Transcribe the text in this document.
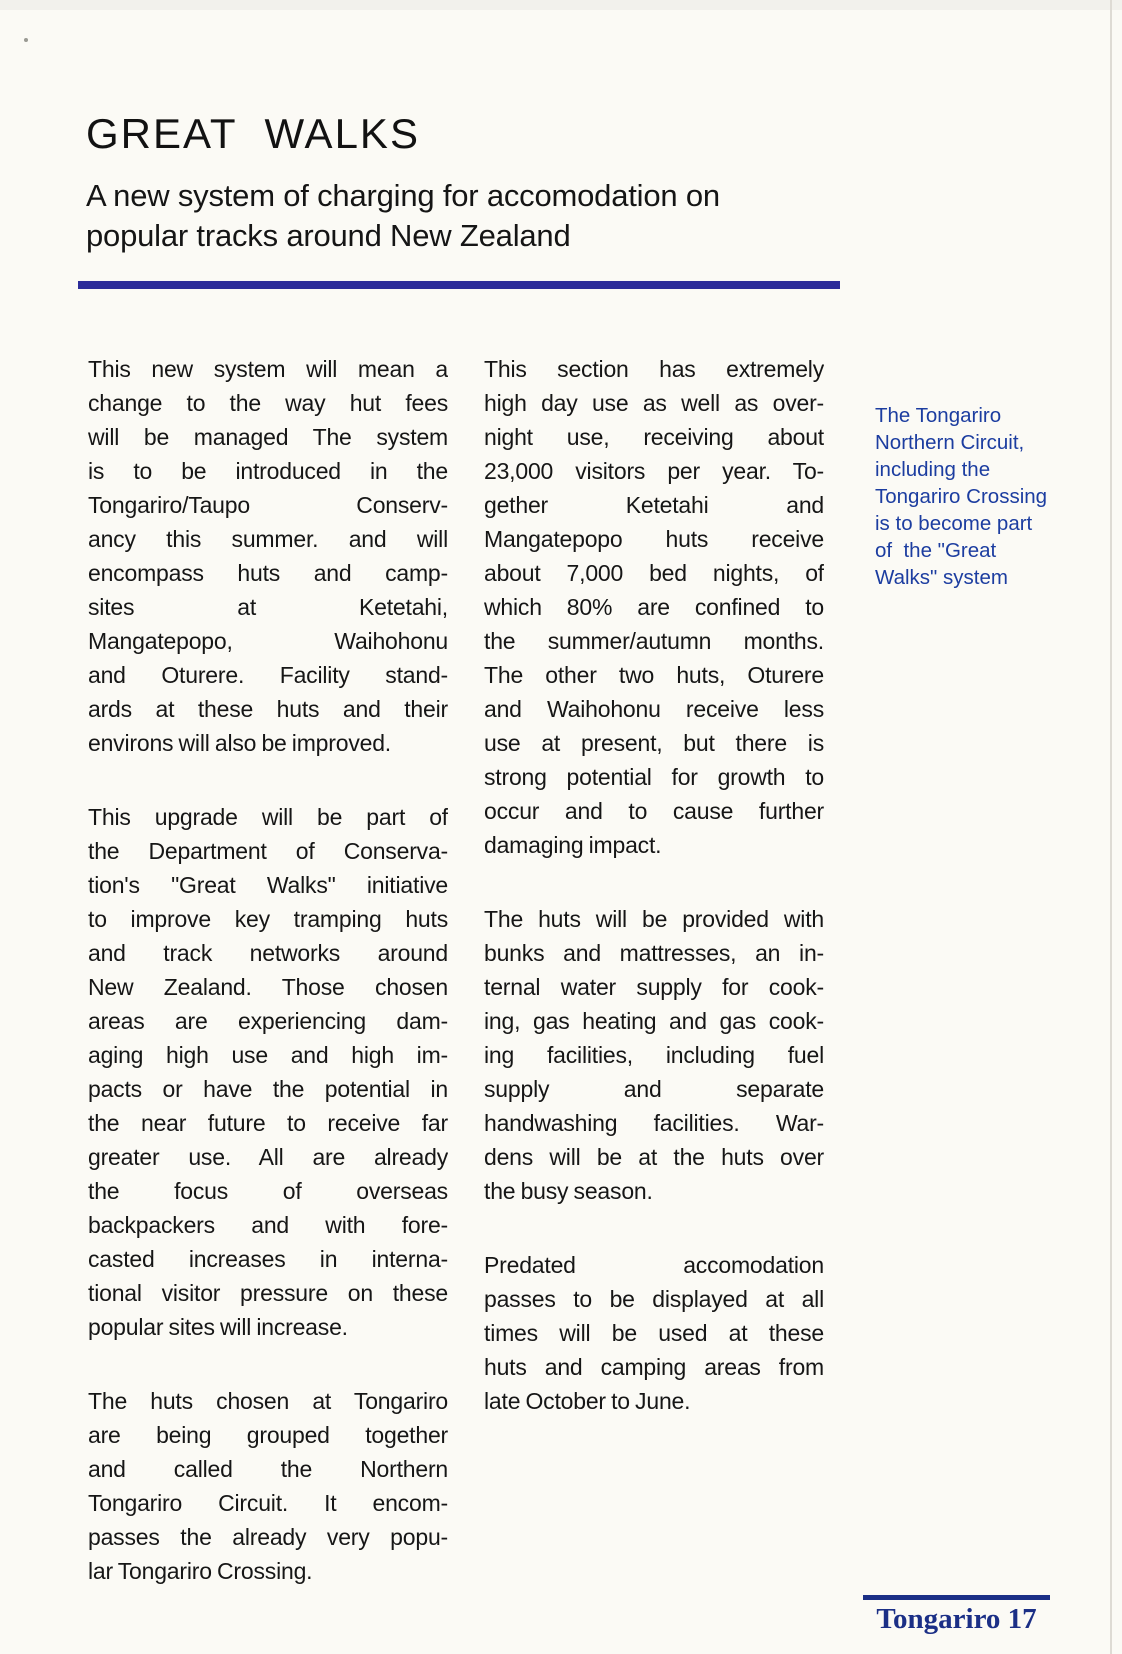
GREAT WALKS
A new system of charging for accomodation on
popular tracks around New Zealand
This new system will mean a
change to the way hut fees
will be managed The system
is to be introduced in the
Tongariro/Taupo Conserv-
ancy this summer. and will
encompass huts and camp-
sites at Ketetahi,
Mangatepopo, Waihohonu
and Oturere. Facility stand-
ards at these huts and their
environs will also be improved.
This upgrade will be part of
the Department of Conserva-
tion's "Great Walks" initiative
to improve key tramping huts
and track networks around
New Zealand. Those chosen
areas are experiencing dam-
aging high use and high im-
pacts or have the potential in
the near future to receive far
greater use. All are already
the focus of overseas
backpackers and with fore-
casted increases in interna-
tional visitor pressure on these
popular sites will increase.
The huts chosen at Tongariro
are being grouped together
and called the Northern
Tongariro Circuit. It encom-
passes the already very popu-
lar Tongariro Crossing.
This section has extremely
high day use as well as over-
night use, receiving about
23,000 visitors per year. To-
gether Ketetahi and
Mangatepopo huts receive
about 7,000 bed nights, of
which 80% are confined to
the summer/autumn months.
The other two huts, Oturere
and Waihohonu receive less
use at present, but there is
strong potential for growth to
occur and to cause further
damaging impact.
The huts will be provided with
bunks and mattresses, an in-
ternal water supply for cook-
ing, gas heating and gas cook-
ing facilities, including fuel
supply and separate
handwashing facilities. War-
dens will be at the huts over
the busy season.
Predated accomodation
passes to be displayed at all
times will be used at these
huts and camping areas from
late October to June.
The Tongariro
Northern Circuit,
including the
Tongariro Crossing
is to become part
of  the "Great
Walks" system
Tongariro 17
